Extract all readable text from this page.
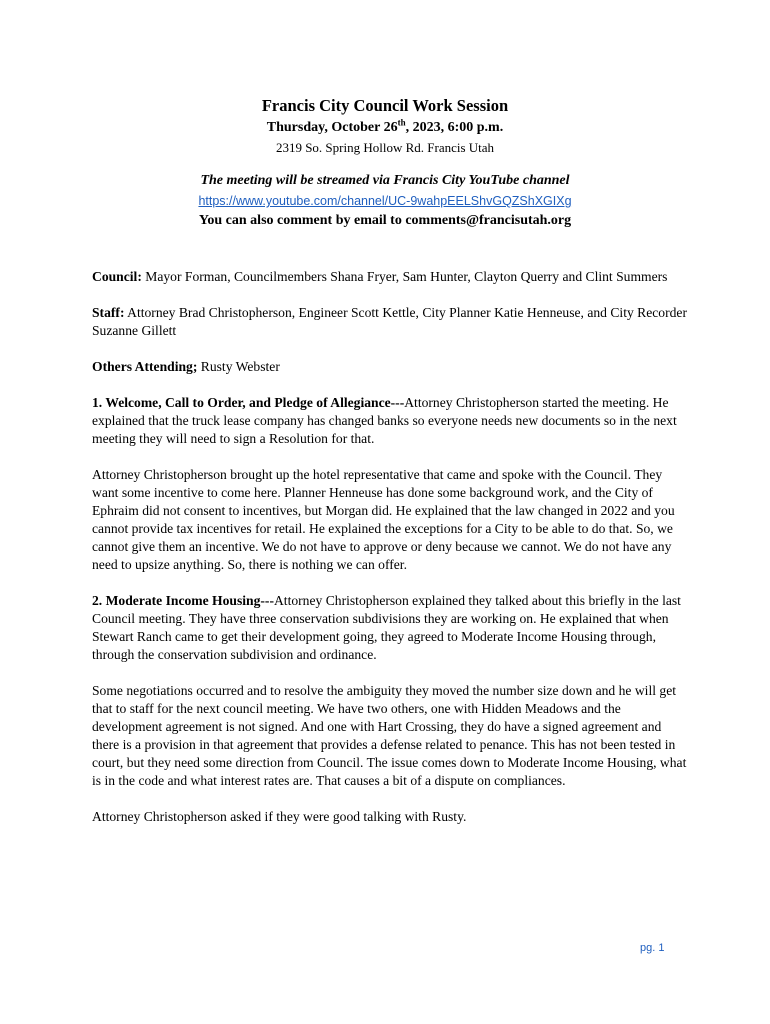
Francis City Council Work Session
Thursday, October 26th, 2023, 6:00 p.m.
2319 So. Spring Hollow Rd. Francis Utah
The meeting will be streamed via Francis City YouTube channel
https://www.youtube.com/channel/UC-9wahpEELShvGQZShXGIXg
You can also comment by email to comments@francisutah.org

Council: Mayor Forman, Councilmembers Shana Fryer, Sam Hunter, Clayton Querry and Clint Summers

Staff: Attorney Brad Christopherson, Engineer Scott Kettle, City Planner Katie Henneuse, and City Recorder Suzanne Gillett

Others Attending; Rusty Webster

1. Welcome, Call to Order, and Pledge of Allegiance---Attorney Christopherson started the meeting. He explained that the truck lease company has changed banks so everyone needs new documents so in the next meeting they will need to sign a Resolution for that.

Attorney Christopherson brought up the hotel representative that came and spoke with the Council. They want some incentive to come here. Planner Henneuse has done some background work, and the City of Ephraim did not consent to incentives, but Morgan did. He explained that the law changed in 2022 and you cannot provide tax incentives for retail. He explained the exceptions for a City to be able to do that. So, we cannot give them an incentive. We do not have to approve or deny because we cannot. We do not have any need to upsize anything. So, there is nothing we can offer.

2. Moderate Income Housing---Attorney Christopherson explained they talked about this briefly in the last Council meeting. They have three conservation subdivisions they are working on. He explained that when Stewart Ranch came to get their development going, they agreed to Moderate Income Housing through, through the conservation subdivision and ordinance.

Some negotiations occurred and to resolve the ambiguity they moved the number size down and he will get that to staff for the next council meeting. We have two others, one with Hidden Meadows and the development agreement is not signed. And one with Hart Crossing, they do have a signed agreement and there is a provision in that agreement that provides a defense related to penance. This has not been tested in court, but they need some direction from Council. The issue comes down to Moderate Income Housing, what is in the code and what interest rates are. That causes a bit of a dispute on compliances.

Attorney Christopherson asked if they were good talking with Rusty.

pg. 1
